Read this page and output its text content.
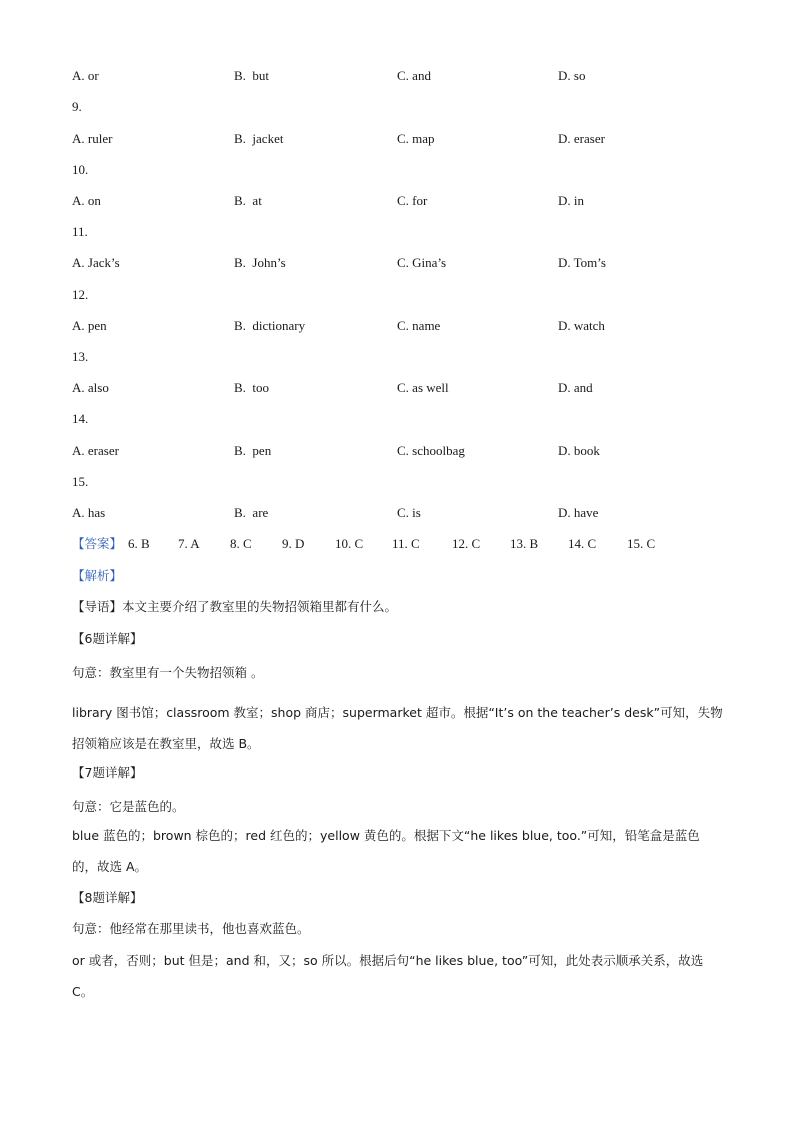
A. or	B.  but	C. and	D. so
9.
A. ruler	B.  jacket	C. map	D. eraser
10.
A. on	B.  at	C. for	D. in
11.
A. Jack’s	B.  John’s	C. Gina’s	D. Tom’s
12.
A. pen	B.  dictionary	C. name	D. watch
13.
A. also	B.  too	C. as well	D. and
14.
A. eraser	B.  pen	C. schoolbag	D. book
15.
A. has	B.  are	C. is	D. have
【答案】 6. B 7. A 8. C 9. D 10. C 11. C 12. C 13. B 14. C 15. C
【解析】
【导语】本文主要介绍了教室里的失物招领箱里都有什么。
【6题详解】
句意：教室里有一个失物招领箱 。
library 图书馆；classroom 教室；shop 商店；supermarket 超市。根据“It’s on the teacher’s desk”可知，失物招领箱应该是在教室里，故选 B。
【7题详解】
句意：它是蓝色的。
blue 蓝色的；brown 棕色的；red 红色的；yellow 黄色的。根据下文“he likes blue, too.”可知，铅笔盒是蓝色的，故选 A。
【8题详解】
句意：他经常在那里读书，他也喜欢蓝色。
or 或者，否则；but 但是；and 和，又；so 所以。根据后句“he likes blue, too”可知，此处表示顺承关系，故选 C。
